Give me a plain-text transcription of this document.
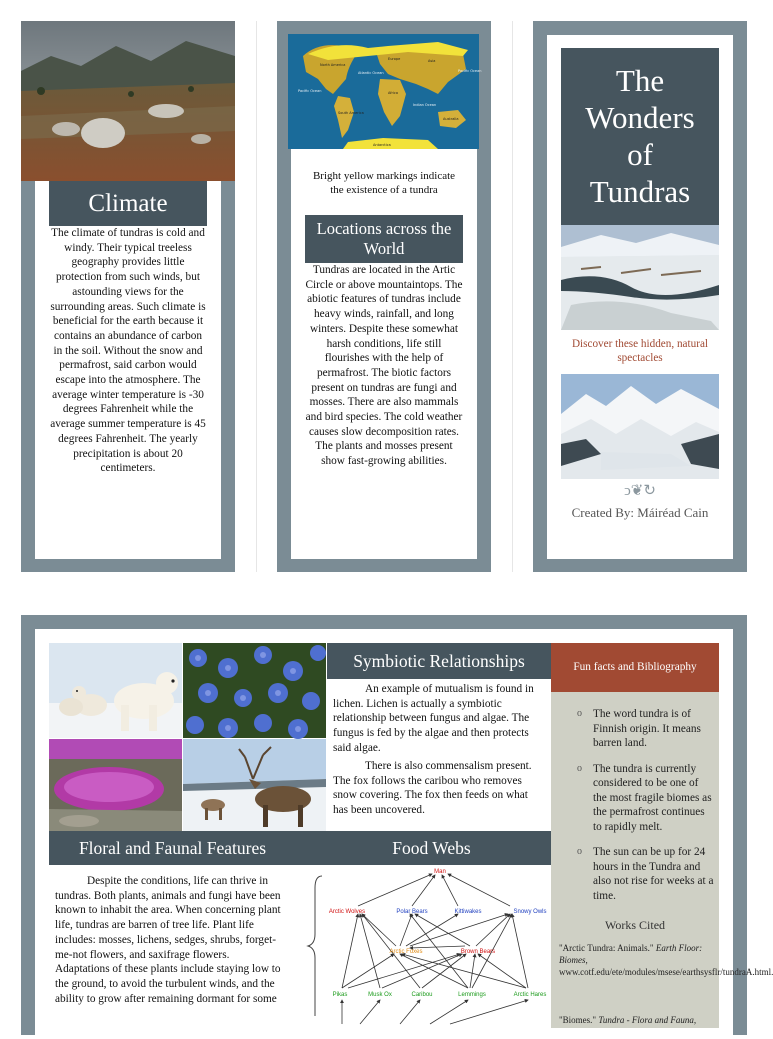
Climate
The climate of tundras is cold and windy. Their typical treeless geography provides little protection from such winds, but astounding views for the surrounding areas. Such climate is beneficial for the earth because it contains an abundance of carbon in the soil. Without the snow and permafrost, said carbon would escape into the atmosphere. The average winter temperature is -30 degrees Fahrenheit while the average summer temperature is 45 degrees Fahrenheit. The yearly precipitation is about 20 centimeters.
North America
Europe	Asia
Africa
South America
Australia
Atlantic Ocean
Pacific Ocean
Indian Ocean
Pacific Ocean
Antarctica
Bright yellow markings indicate the existence of a tundra
Locations across the World
Tundras are located in the Artic Circle or above mountaintops. The abiotic features of tundras include heavy winds, rainfall, and long winters. Despite these somewhat harsh conditions, life still flourishes with the help of permafrost. The biotic factors present on tundras are fungi and mosses. There are also mammals and bird species. The cold weather causes slow decomposition rates. The plants and mosses present show fast-growing abilities.
The Wonders of Tundras
Discover these hidden, natural spectacles
ↄ❦↻
Created By: Máiréad Cain
Symbiotic Relationships
An example of mutualism is found in lichen. Lichen is actually a symbiotic relationship between fungus and algae. The fungus is fed by the algae and then protects said algae.
There is also commensalism present. The fox follows the caribou who removes snow covering. The fox then feeds on what has been uncovered.
Floral and Faunal Features	Food Webs
Despite the conditions, life can thrive in tundras. Both plants, animals and fungi have been known to inhabit the area. When concerning plant life, tundras are barren of tree life. Plant life includes: mosses, lichens, sedges, shrubs, forget-me-not flowers, and saxifrage flowers. Adaptations of these plants include staying low to the ground, to avoid the turbulent winds, and the ability to grow after remaining dormant for some
Man
Arctic Wolves	Polar Bears	Kittiwakes	Snowy Owls
Arctic Foxes	Brown Bears
Pikas	Musk Ox	Caribou	Lemmings	Arctic Hares
Fun facts and Bibliography
o The word tundra is of Finnish origin. It means barren land.
o The tundra is currently considered to be one of the most fragile biomes as the permafrost continues to rapidly melt.
o The sun can be up for 24 hours in the Tundra and also not rise for weeks at a time.
Works Cited
"Arctic Tundra: Animals." Earth Floor: Biomes, www.cotf.edu/ete/modules/msese/earthsysflr/tundraA.html.
"Biomes." Tundra - Flora and Fauna,
